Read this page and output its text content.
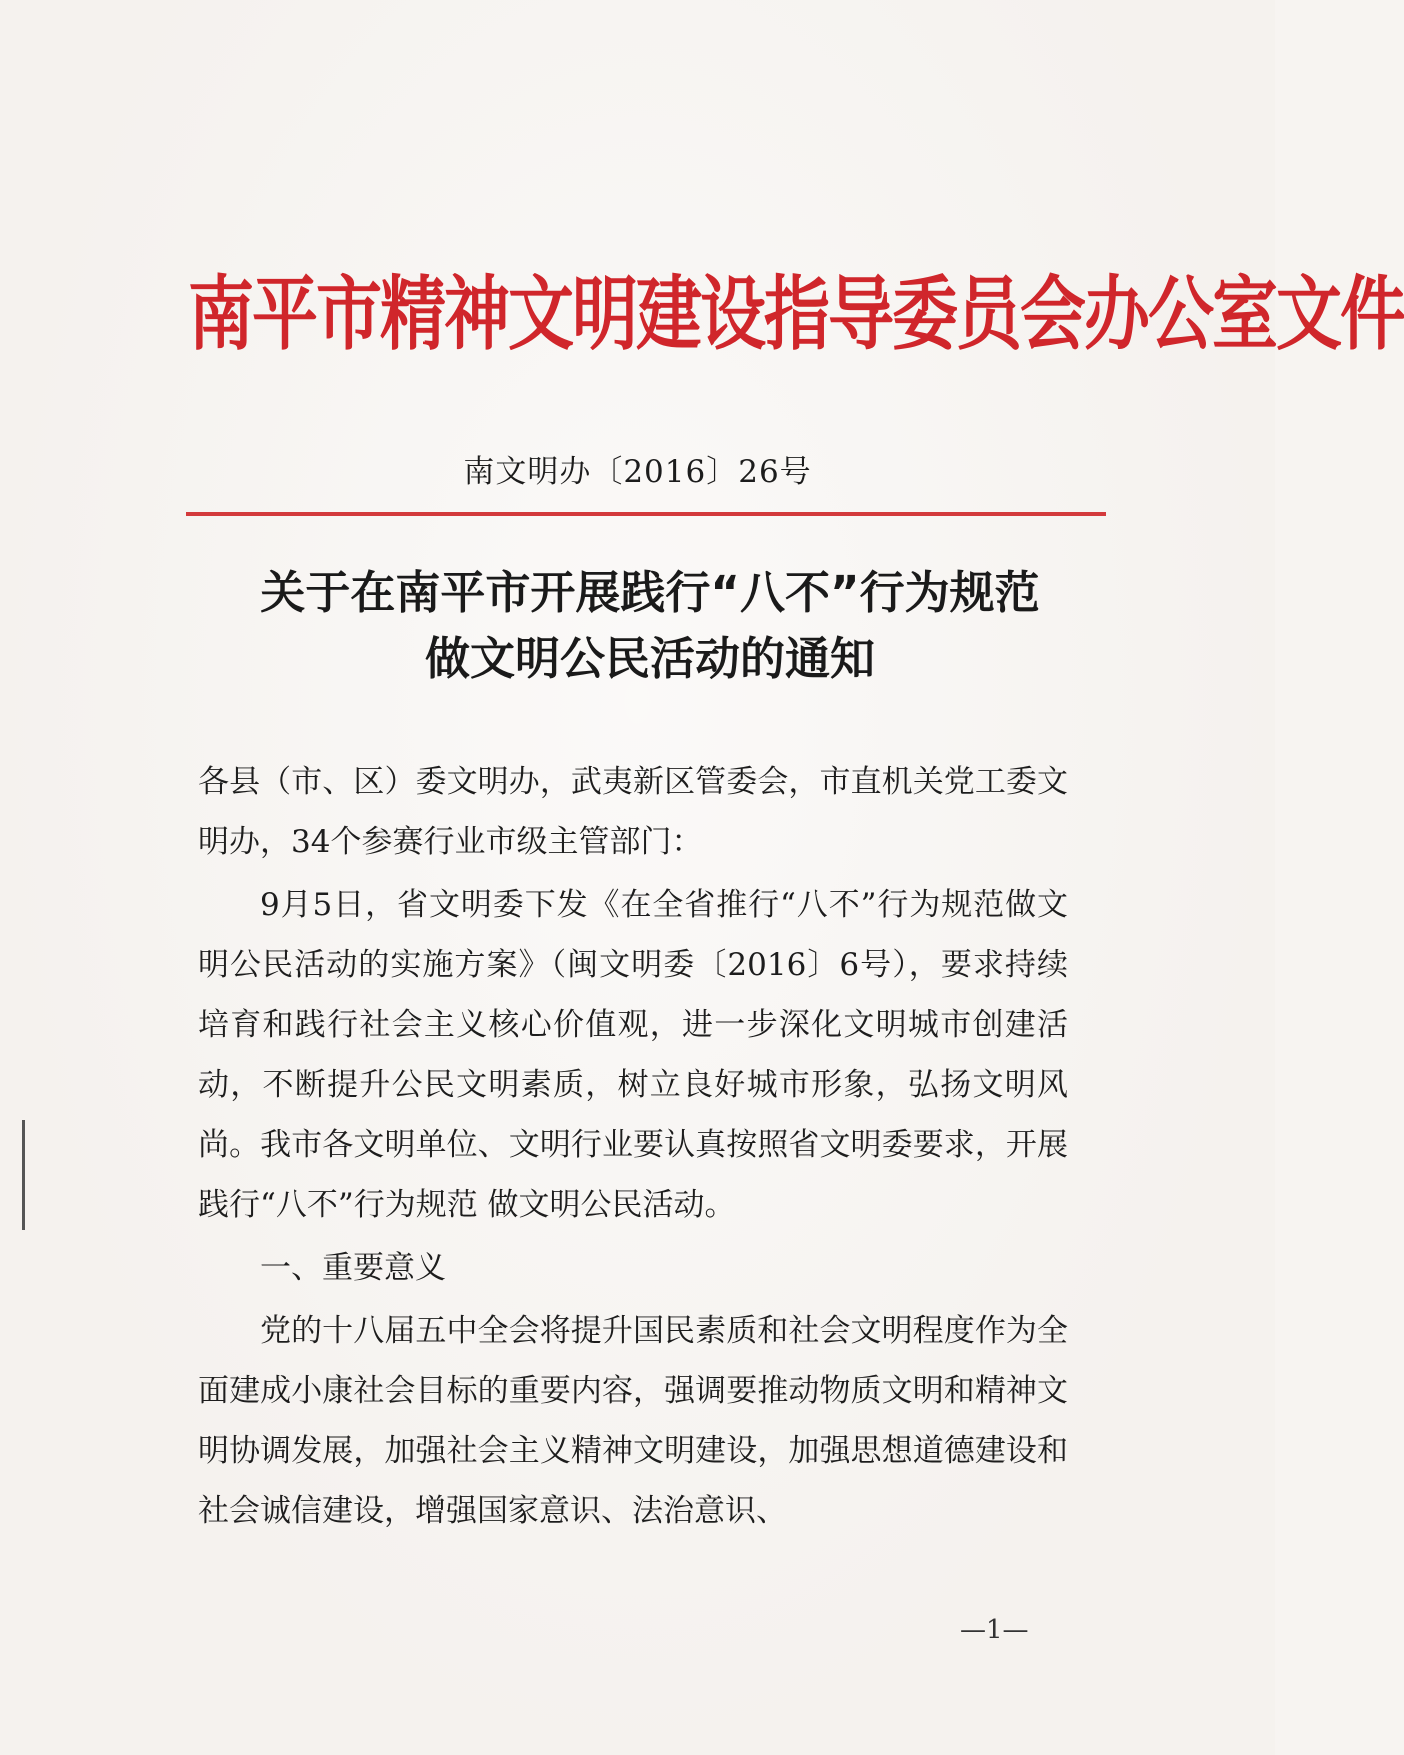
南平市精神文明建设指导委员会办公室文件
南文明办〔2016〕26号
关于在南平市开展践行“八不”行为规范
做文明公民活动的通知

各县（市、区）委文明办，武夷新区管委会，市直机关党工委文明办，34个参赛行业市级主管部门：

9月5日，省文明委下发《在全省推行“八不”行为规范做文明公民活动的实施方案》（闽文明委〔2016〕6号），要求持续培育和践行社会主义核心价值观，进一步深化文明城市创建活动，不断提升公民文明素质，树立良好城市形象，弘扬文明风尚。我市各文明单位、文明行业要认真按照省文明委要求，开展践行“八不”行为规范 做文明公民活动。

一、重要意义

党的十八届五中全会将提升国民素质和社会文明程度作为全面建成小康社会目标的重要内容，强调要推动物质文明和精神文明协调发展，加强社会主义精神文明建设，加强思想道德建设和社会诚信建设，增强国家意识、法治意识、

—1—
